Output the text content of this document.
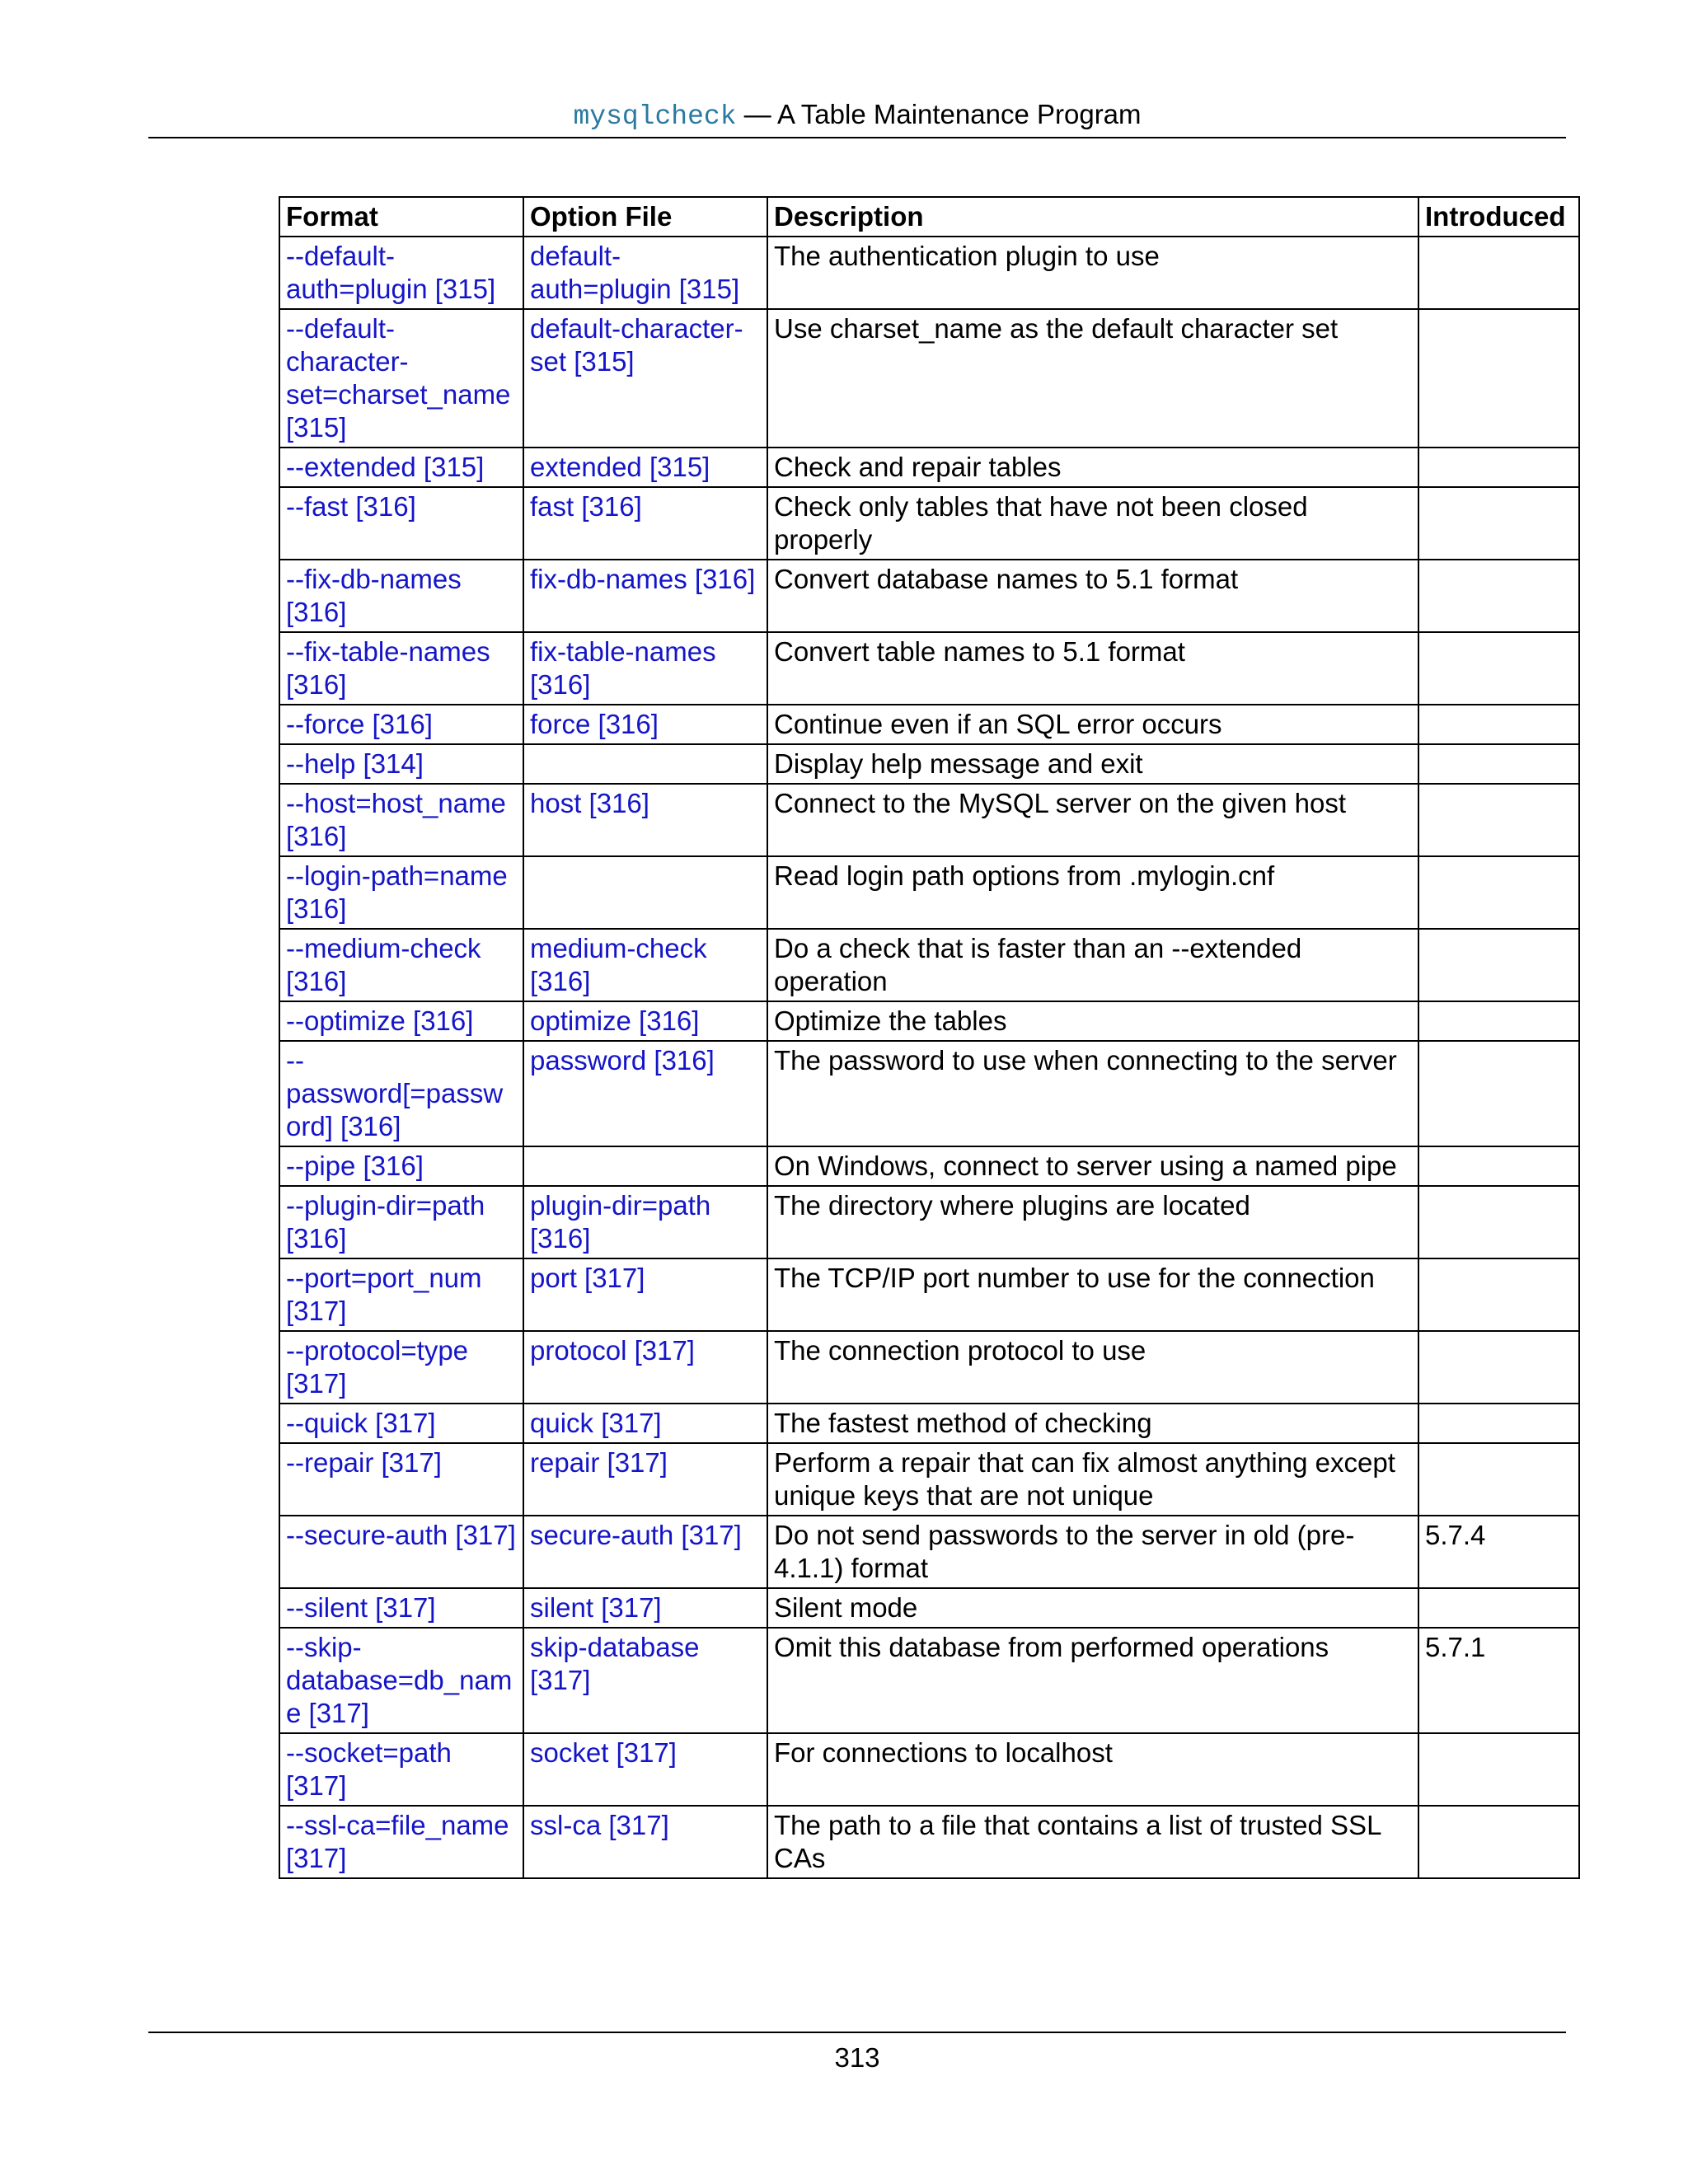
mysqlcheck — A Table Maintenance Program
Format	Option File	Description	Introduced
--default-auth=plugin [315]	default-auth=plugin [315]	The authentication plugin to use	
--default-character-set=charset_name [315]	default-character-set [315]	Use charset_name as the default character set	
--extended [315]	extended [315]	Check and repair tables	
--fast [316]	fast [316]	Check only tables that have not been closed properly	
--fix-db-names [316]	fix-db-names [316]	Convert database names to 5.1 format	
--fix-table-names [316]	fix-table-names [316]	Convert table names to 5.1 format	
--force [316]	force [316]	Continue even if an SQL error occurs	
--help [314]		Display help message and exit	
--host=host_name [316]	host [316]	Connect to the MySQL server on the given host	
--login-path=name [316]		Read login path options from .mylogin.cnf	
--medium-check [316]	medium-check [316]	Do a check that is faster than an --extended operation	
--optimize [316]	optimize [316]	Optimize the tables	
--password[=password] [316]	password [316]	The password to use when connecting to the server	
--pipe [316]		On Windows, connect to server using a named pipe	
--plugin-dir=path [316]	plugin-dir=path [316]	The directory where plugins are located	
--port=port_num [317]	port [317]	The TCP/IP port number to use for the connection	
--protocol=type [317]	protocol [317]	The connection protocol to use	
--quick [317]	quick [317]	The fastest method of checking	
--repair [317]	repair [317]	Perform a repair that can fix almost anything except unique keys that are not unique	
--secure-auth [317]	secure-auth [317]	Do not send passwords to the server in old (pre-4.1.1) format	5.7.4
--silent [317]	silent [317]	Silent mode	
--skip-database=db_name [317]	skip-database [317]	Omit this database from performed operations	5.7.1
--socket=path [317]	socket [317]	For connections to localhost	
--ssl-ca=file_name [317]	ssl-ca [317]	The path to a file that contains a list of trusted SSL CAs	
313
